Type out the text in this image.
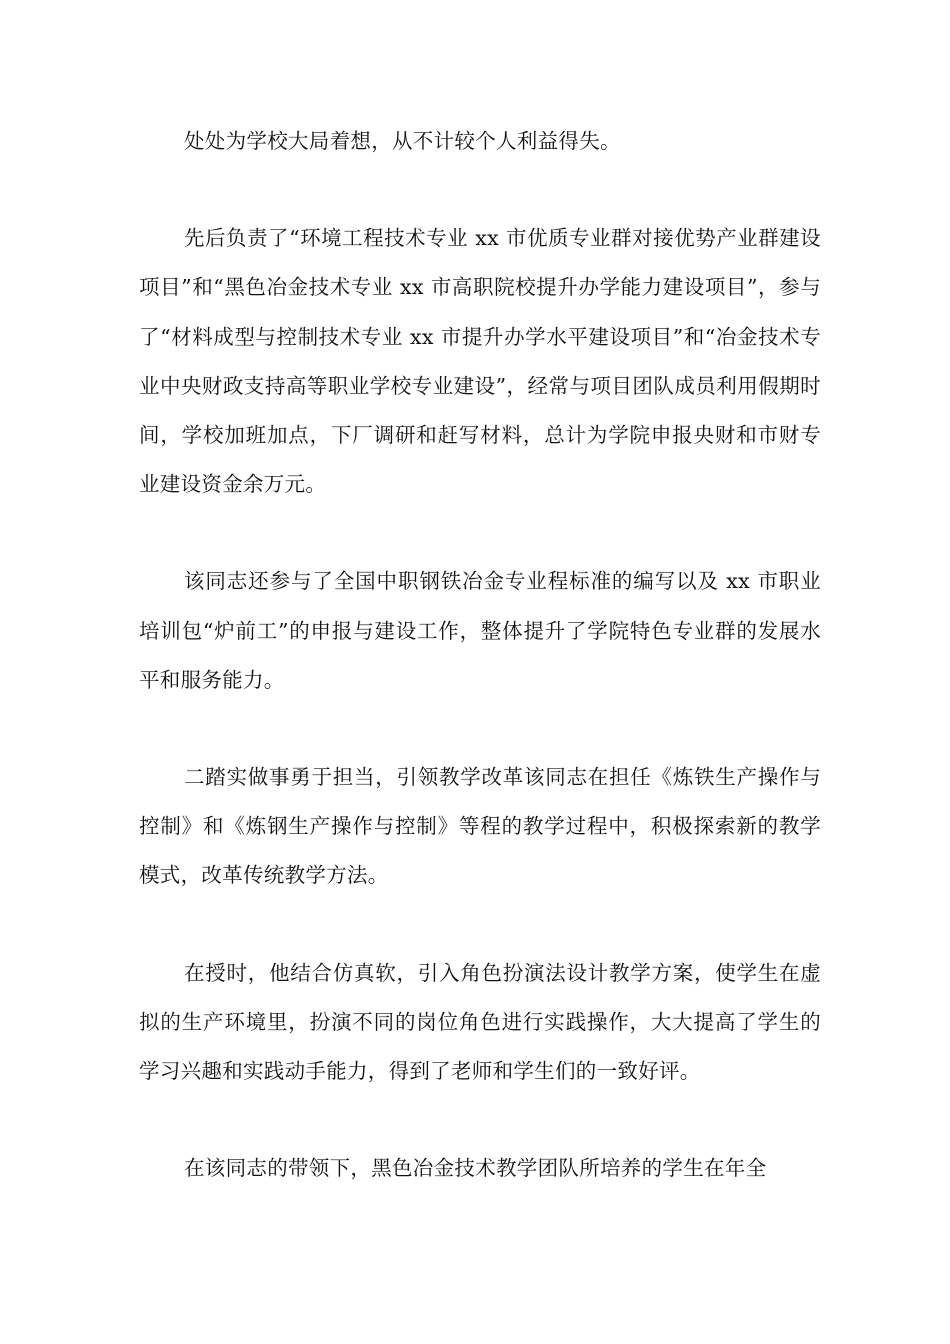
处处为学校大局着想，从不计较个人利益得失。

先后负责了“环境工程技术专业 xx 市优质专业群对接优势产业群建设项目”和“黑色冶金技术专业 xx 市高职院校提升办学能力建设项目”，参与了“材料成型与控制技术专业 xx 市提升办学水平建设项目”和“冶金技术专业中央财政支持高等职业学校专业建设”，经常与项目团队成员利用假期时间，学校加班加点，下厂调研和赶写材料，总计为学院申报央财和市财专业建设资金余万元。

该同志还参与了全国中职钢铁冶金专业程标准的编写以及 xx 市职业培训包“炉前工”的申报与建设工作，整体提升了学院特色专业群的发展水平和服务能力。

二踏实做事勇于担当，引领教学改革该同志在担任《炼铁生产操作与控制》和《炼钢生产操作与控制》等程的教学过程中，积极探索新的教学模式，改革传统教学方法。

在授时，他结合仿真软，引入角色扮演法设计教学方案，使学生在虚拟的生产环境里，扮演不同的岗位角色进行实践操作，大大提高了学生的学习兴趣和实践动手能力，得到了老师和学生们的一致好评。

在该同志的带领下，黑色冶金技术教学团队所培养的学生在年全
